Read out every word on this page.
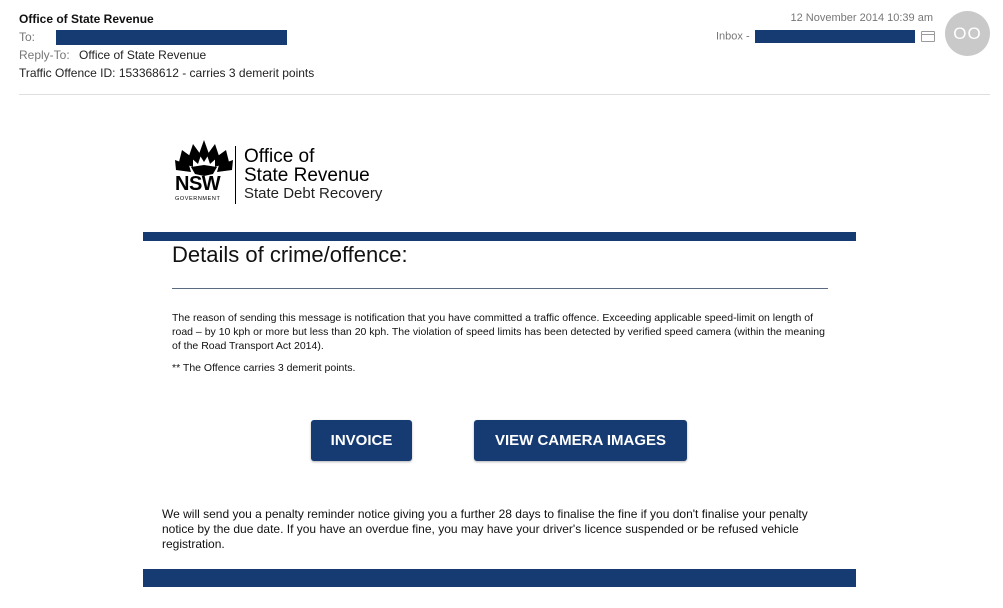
Office of State Revenue
To:
Reply-To: Office of State Revenue
Traffic Offence ID: 153368612 - carries 3 demerit points
12 November 2014 10:39 am
Inbox -	OO
NSW
GOVERNMENT
Office of
State Revenue
State Debt Recovery
Details of crime/offence:
The reason of sending this message is notification that you have committed a traffic offence. Exceeding applicable speed-limit on length of road – by 10 kph or more but less than 20 kph. The violation of speed limits has been detected by verified speed camera (within the meaning of the Road Transport Act 2014).
** The Offence carries 3 demerit points.
INVOICE	VIEW CAMERA IMAGES
We will send you a penalty reminder notice giving you a further 28 days to finalise the fine if you don't finalise your penalty notice by the due date. If you have an overdue fine, you may have your driver's licence suspended or be refused vehicle registration.
